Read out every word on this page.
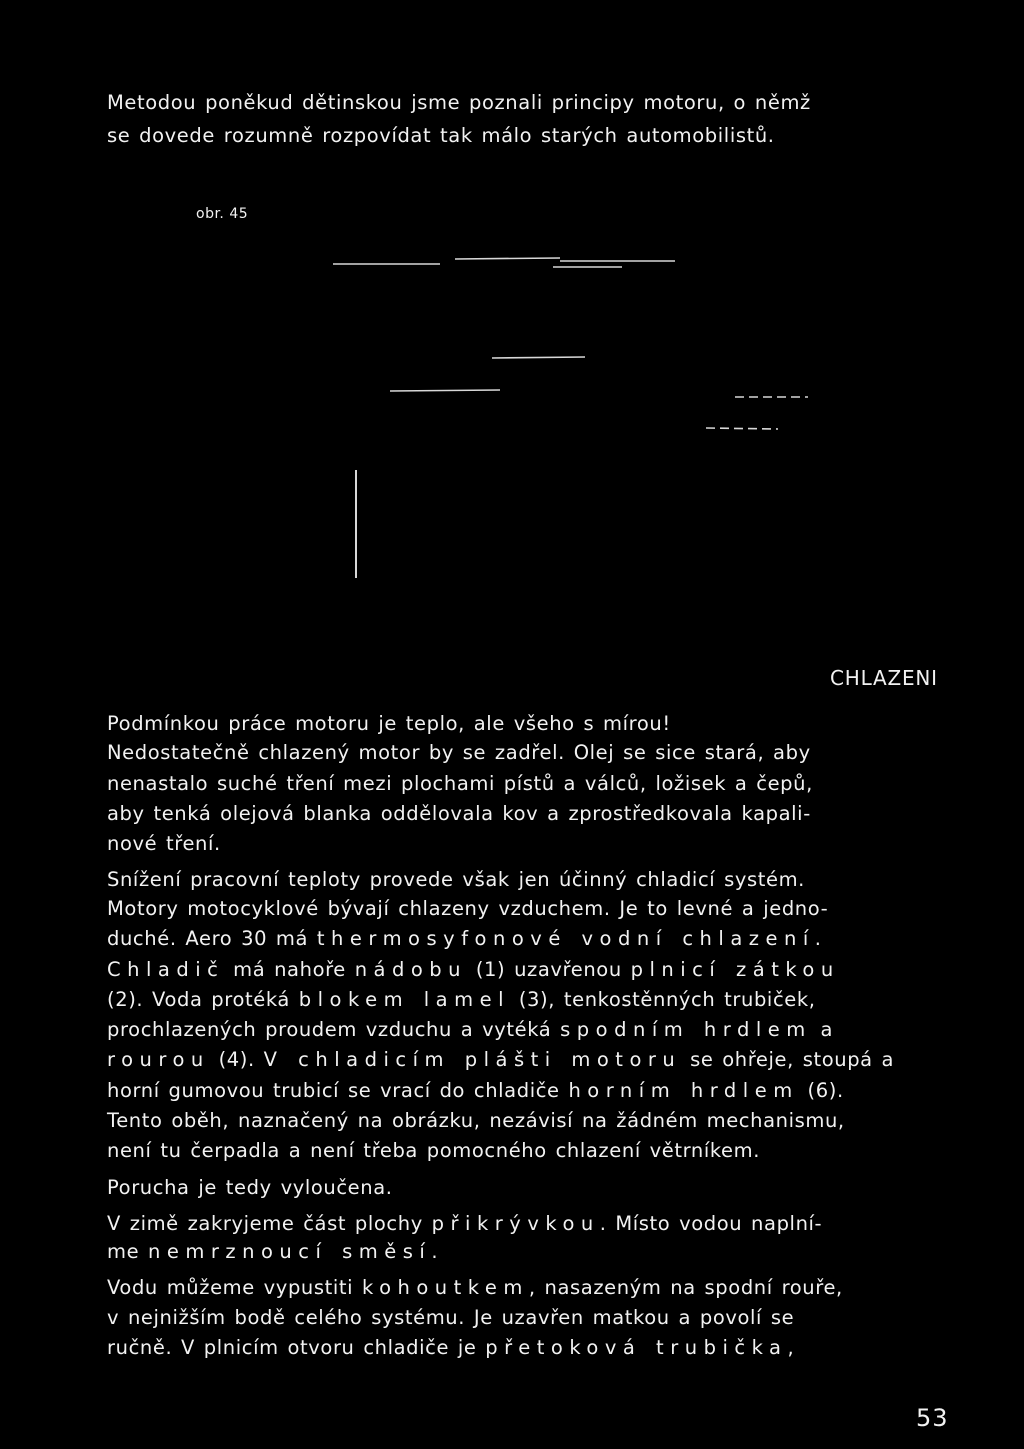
Metodou poněkud dětinskou jsme poznali principy motoru, o němž
se dovede rozumně rozpovídat tak málo starých automobilistů.
obr. 45
CHLAZENI
Podmínkou práce motoru je teplo, ale všeho s mírou!
Nedostatečně chlazený motor by se zadřel. Olej se sice stará, aby
nenastalo suché tření mezi plochami pístů a válců, ložisek a čepů,
aby tenká olejová blanka oddělovala kov a zprostředkovala kapali-
nové tření.
Snížení pracovní teploty provede však jen účinný chladicí systém.
Motory motocyklové bývají chlazeny vzduchem. Je to levné a jedno-
duché. Aero 30 má thermosyfonové vodní chlazení.
Chladič má nahoře nádobu (1) uzavřenou plnicí zátkou
(2). Voda protéká blokem lamel (3), tenkostěnných trubiček,
prochlazených proudem vzduchu a vytéká spodním hrdlem a
rourou (4). V chladicím plášti motoru se ohřeje, stoupá a
horní gumovou trubicí se vrací do chladiče horním hrdlem (6).
Tento oběh, naznačený na obrázku, nezávisí na žádném mechanismu,
není tu čerpadla a není třeba pomocného chlazení větrníkem.
Porucha je tedy vyloučena.
V zimě zakryjeme část plochy přikrývkou. Místo vodou naplní-
me nemrznoucí směsí.
Vodu můžeme vypustiti kohoutkem, nasazeným na spodní rouře,
v nejnižším bodě celého systému. Je uzavřen matkou a povolí se
ručně. V plnicím otvoru chladiče je přetoková trubička,
53
